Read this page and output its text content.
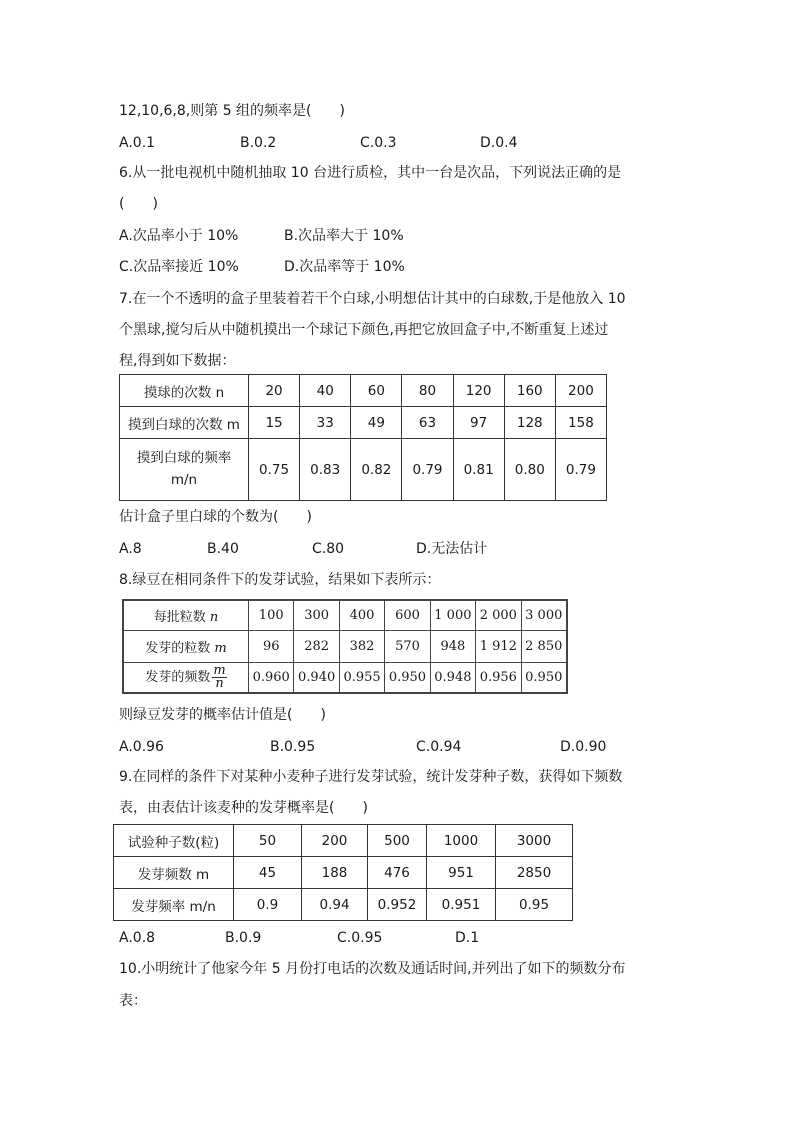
12,10,6,8,则第 5 组的频率是(　　)
A.0.1	B.0.2	C.0.3	D.0.4
6.从一批电视机中随机抽取 10 台进行质检，其中一台是次品，下列说法正确的是
(　　)
A.次品率小于 10%	B.次品率大于 10%
C.次品率接近 10%	D.次品率等于 10%
7.在一个不透明的盒子里装着若干个白球,小明想估计其中的白球数,于是他放入 10
个黑球,搅匀后从中随机摸出一个球记下颜色,再把它放回盒子中,不断重复上述过
程,得到如下数据：
摸球的次数 n	20	40	60	80	120	160	200
摸到白球的次数 m	15	33	49	63	97	128	158

摸到白球的频率
m/n	0.75	0.83	0.82	0.79	0.81	0.80	0.79
估计盒子里白球的个数为(　　)
A.8	B.40	C.80	D.无法估计
8.绿豆在相同条件下的发芽试验，结果如下表所示：
每批粒数 n	100	300	400	600	1 000	2 000	3 000
发芽的粒数 m	96	282	382	570	948	1 912	2 850
发芽的频数 $\frac{m}{n}$	0.960	0.940	0.955	0.950	0.948	0.956	0.950
则绿豆发芽的概率估计值是(　　)
A.0.96	B.0.95	C.0.94	D.0.90
9.在同样的条件下对某种小麦种子进行发芽试验，统计发芽种子数，获得如下频数
表，由表估计该麦种的发芽概率是(　　)
试验种子数(粒)	50	200	500	1000	3000
发芽频数 m	45	188	476	951	2850
发芽频率 m/n	0.9	0.94	0.952	0.951	0.95
A.0.8	B.0.9	C.0.95	D.1
10.小明统计了他家今年 5 月份打电话的次数及通话时间,并列出了如下的频数分布
表：
